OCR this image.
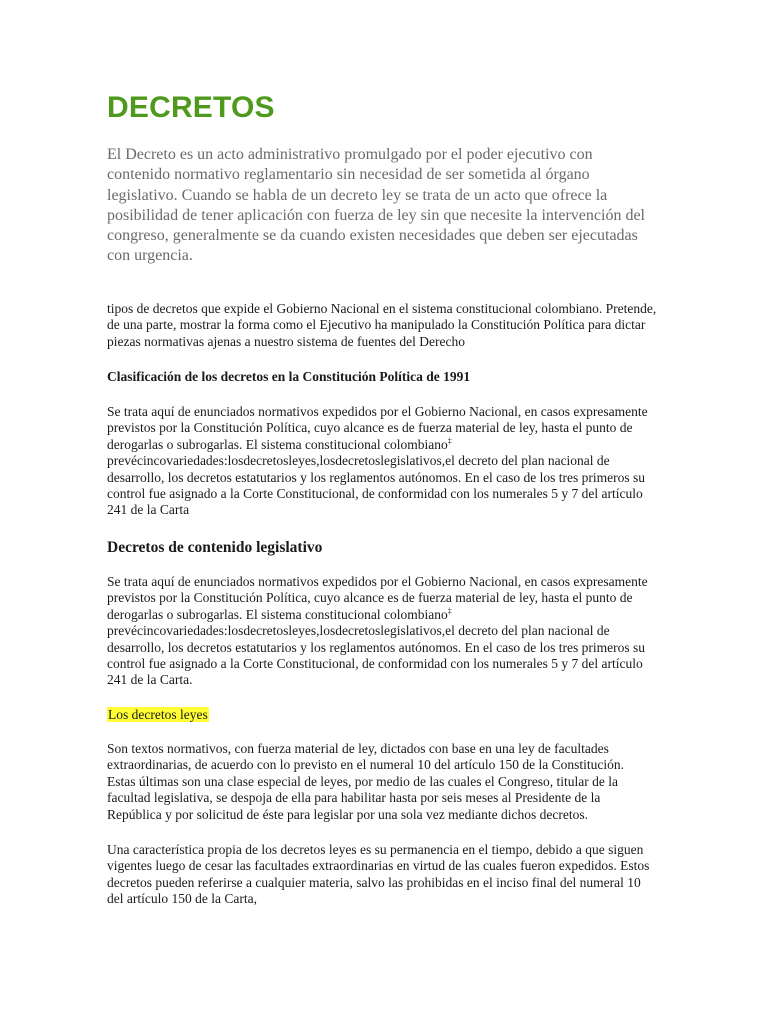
DECRETOS

El Decreto es un acto administrativo promulgado por el poder ejecutivo con contenido normativo reglamentario sin necesidad de ser sometida al órgano legislativo. Cuando se habla de un decreto ley se trata de un acto que ofrece la posibilidad de tener aplicación con fuerza de ley sin que necesite la intervención del congreso, generalmente se da cuando existen necesidades que deben ser ejecutadas con urgencia.

tipos de decretos que expide el Gobierno Nacional en el sistema constitucional colombiano. Pretende, de una parte, mostrar la forma como el Ejecutivo ha manipulado la Constitución Política para dictar piezas normativas ajenas a nuestro sistema de fuentes del Derecho

Clasificación de los decretos en la Constitución Política de 1991

Se trata aquí de enunciados normativos expedidos por el Gobierno Nacional, en casos expresamente previstos por la Constitución Política, cuyo alcance es de fuerza material de ley, hasta el punto de derogarlas o subrogarlas. El sistema constitucional colombiano‡ prevécincovariedades:losdecretosleyes,losdecretoslegislativos,el decreto del plan nacional de desarrollo, los decretos estatutarios y los reglamentos autónomos. En el caso de los tres primeros su control fue asignado a la Corte Constitucional, de conformidad con los numerales 5 y 7 del artículo 241 de la Carta

Decretos de contenido legislativo

Se trata aquí de enunciados normativos expedidos por el Gobierno Nacional, en casos expresamente previstos por la Constitución Política, cuyo alcance es de fuerza material de ley, hasta el punto de derogarlas o subrogarlas. El sistema constitucional colombiano‡ prevécincovariedades:losdecretosleyes,losdecretoslegislativos,el decreto del plan nacional de desarrollo, los decretos estatutarios y los reglamentos autónomos. En el caso de los tres primeros su control fue asignado a la Corte Constitucional, de conformidad con los numerales 5 y 7 del artículo 241 de la Carta.

Los decretos leyes

Son textos normativos, con fuerza material de ley, dictados con base en una ley de facultades extraordinarias, de acuerdo con lo previsto en el numeral 10 del artículo 150 de la Constitución. Estas últimas son una clase especial de leyes, por medio de las cuales el Congreso, titular de la facultad legislativa, se despoja de ella para habilitar hasta por seis meses al Presidente de la República y por solicitud de éste para legislar por una sola vez mediante dichos decretos.

Una característica propia de los decretos leyes es su permanencia en el tiempo, debido a que siguen vigentes luego de cesar las facultades extraordinarias en virtud de las cuales fueron expedidos. Estos decretos pueden referirse a cualquier materia, salvo las prohibidas en el inciso final del numeral 10 del artículo 150 de la Carta,
